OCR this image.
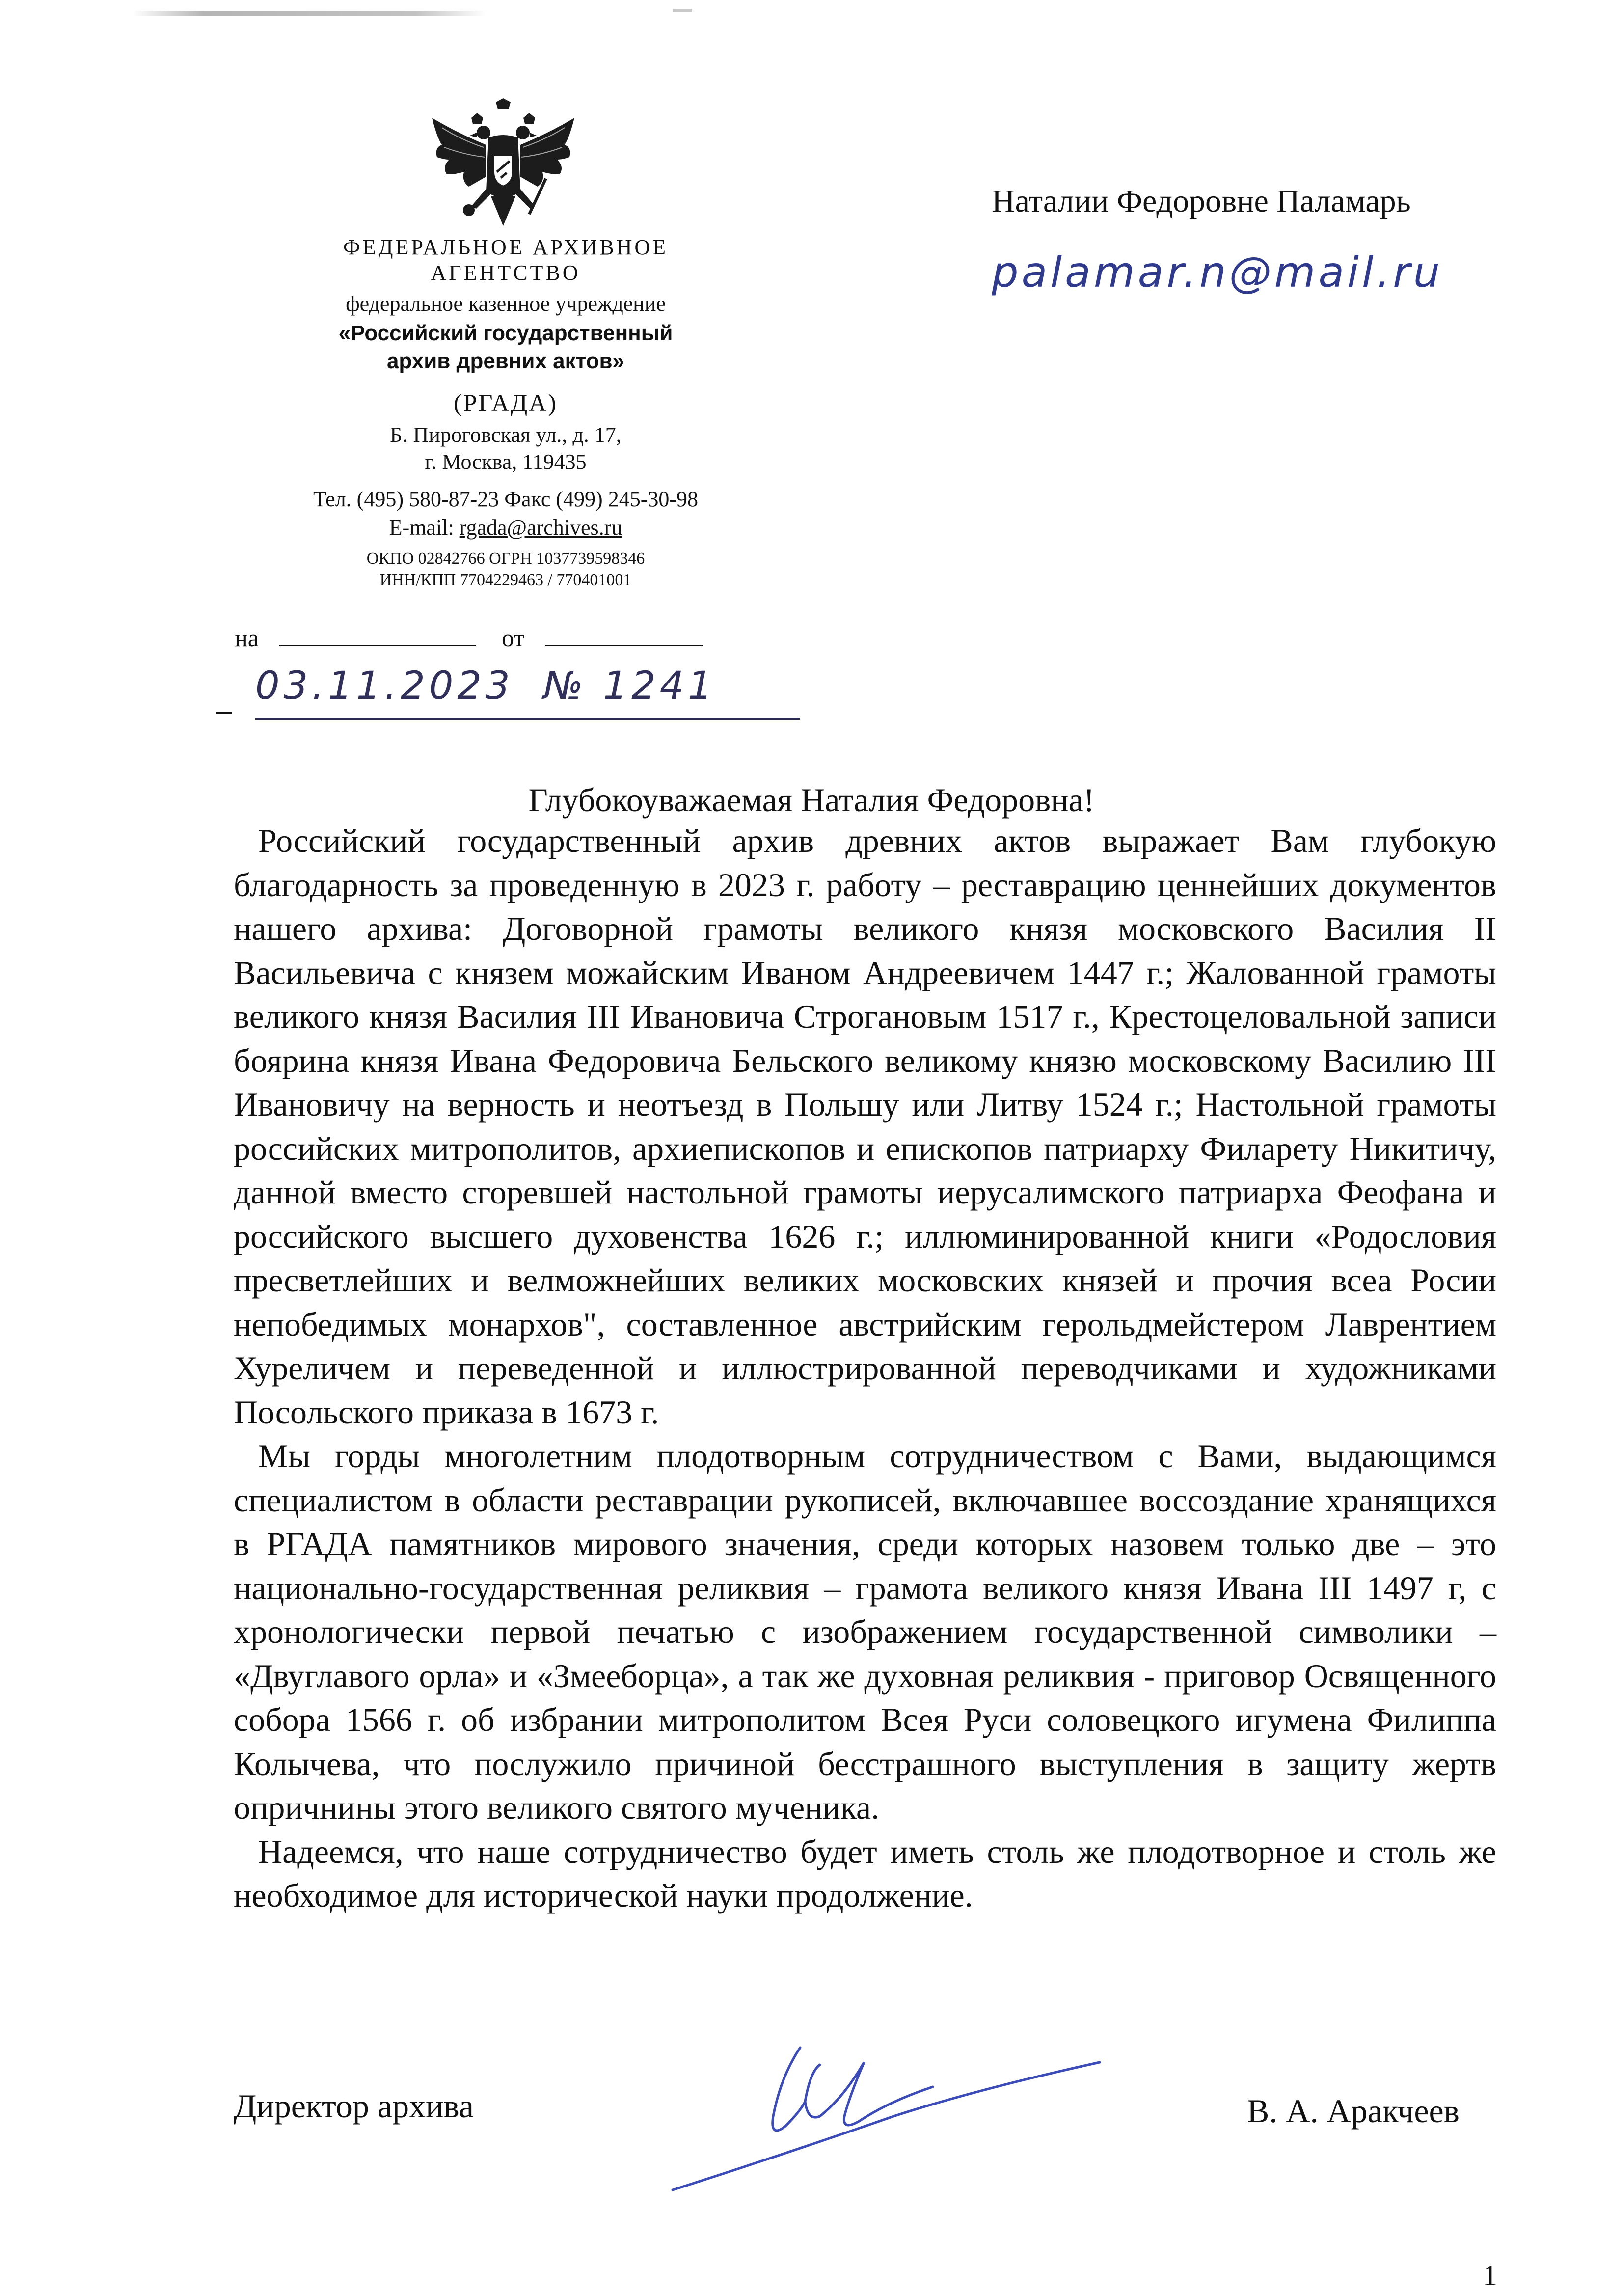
ФЕДЕРАЛЬНОЕ АРХИВНОЕ
АГЕНТСТВО
федеральное казенное учреждение
«Российский государственный
архив древних актов»
(РГАДА)
Б. Пироговская ул., д. 17,
г. Москва, 119435
Тел. (495) 580-87-23 Факс (499) 245-30-98
E-mail: rgada@archives.ru
ОКПО 02842766 ОГРН 1037739598346
ИНН/КПП 7704229463 / 770401001
на	от
03.11.2023 № 1241
Наталии Федоровне Паламарь
palamar.n@mail.ru
Глубокоуважаемая Наталия Федоровна!

Российский государственный архив древних актов выражает Вам глубокую благодарность за проведенную в 2023 г. работу – реставрацию ценнейших документов нашего архива: Договорной грамоты великого князя московского Василия II Васильевича с князем можайским Иваном Андреевичем 1447 г.; Жалованной грамоты великого князя Василия III Ивановича Строгановым 1517 г., Крестоцеловальной записи боярина князя Ивана Федоровича Бельского великому князю московскому Василию III Ивановичу на верность и неотъезд в Польшу или Литву 1524 г.; Настольной грамоты российских митрополитов, архиепископов и епископов патриарху Филарету Никитичу, данной вместо сгоревшей настольной грамоты иерусалимского патриарха Феофана и российского высшего духовенства 1626 г.; иллюминированной книги «Родословия пресветлейших и велможнейших великих московских князей и прочия всеа Росии непобедимых монархов", составленное австрийским герольдмейстером Лаврентием Хуреличем и переведенной и иллюстрированной переводчиками и художниками Посольского приказа в 1673 г.

Мы горды многолетним плодотворным сотрудничеством с Вами, выдающимся специалистом в области реставрации рукописей, включавшее воссоздание хранящихся в РГАДА памятников мирового значения, среди которых назовем только две – это национально-государственная реликвия – грамота великого князя Ивана III 1497 г, с хронологически первой печатью с изображением государственной символики – «Двуглавого орла» и «Змееборца», а так же духовная реликвия - приговор Освященного собора 1566 г. об избрании митрополитом Всея Руси соловецкого игумена Филиппа Колычева, что послужило причиной бесстрашного выступления в защиту жертв опричнины этого великого святого мученика.

Надеемся, что наше сотрудничество будет иметь столь же плодотворное и столь же необходимое для исторической науки продолжение.

Директор архива	В. А. Аракчеев
1
